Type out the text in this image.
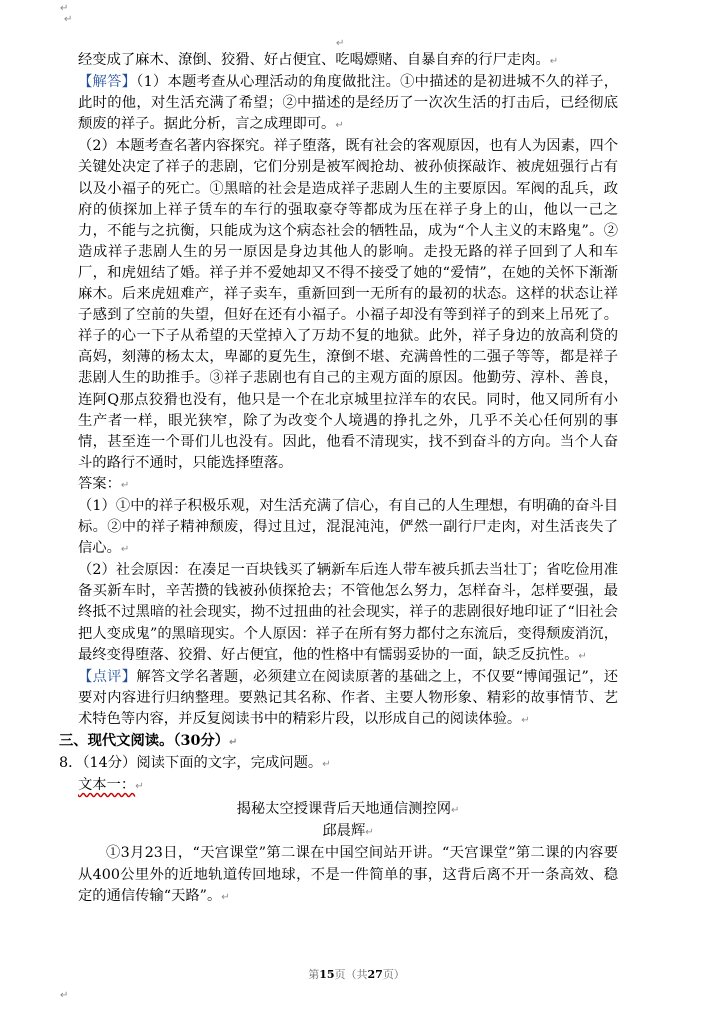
↵
↵
↵

经变成了麻木、潦倒、狡猾、好占便宜、吃喝嫖赌、自暴自弃的行尸走肉。↵

【解答】（1）本题考查从心理活动的角度做批注。①中描述的是初进城不久的祥子，此时的他，对生活充满了希望；②中描述的是经历了一次次生活的打击后，已经彻底颓废的祥子。据此分析，言之成理即可。↵

（2）本题考查名著内容探究。祥子堕落，既有社会的客观原因，也有人为因素，四个关键处决定了祥子的悲剧，它们分别是被军阀抢劫、被孙侦探敲诈、被虎妞强行占有以及小福子的死亡。①黑暗的社会是造成祥子悲剧人生的主要原因。军阀的乱兵，政府的侦探加上祥子赁车的车行的强取豪夺等都成为压在祥子身上的山，他以一己之力，不能与之抗衡，只能成为这个病态社会的牺牲品，成为“个人主义的末路鬼”。②造成祥子悲剧人生的另一原因是身边其他人的影响。走投无路的祥子回到了人和车厂，和虎妞结了婚。祥子并不爱她却又不得不接受了她的“爱情”，在她的关怀下渐渐麻木。后来虎妞难产，祥子卖车，重新回到一无所有的最初的状态。这样的状态让祥子感到了空前的失望，但好在还有小福子。小福子却没有等到祥子的到来上吊死了。祥子的心一下子从希望的天堂掉入了万劫不复的地狱。此外，祥子身边的放高利贷的高妈，刻薄的杨太太，卑鄙的夏先生，潦倒不堪、充满兽性的二强子等等，都是祥子悲剧人生的助推手。③祥子悲剧也有自己的主观方面的原因。他勤劳、淳朴、善良，连阿Q那点狡猾也没有，他只是一个在北京城里拉洋车的农民。同时，他又同所有小生产者一样，眼光狭窄，除了为改变个人境遇的挣扎之外，几乎不关心任何别的事情，甚至连一个哥们儿也没有。因此，他看不清现实，找不到奋斗的方向。当个人奋斗的路行不通时，只能选择堕落。

答案：↵

（1）①中的祥子积极乐观，对生活充满了信心，有自己的人生理想，有明确的奋斗目标。②中的祥子精神颓废，得过且过，混混沌沌，俨然一副行尸走肉，对生活丧失了信心。↵

（2）社会原因：在凑足一百块钱买了辆新车后连人带车被兵抓去当壮丁；省吃俭用准备买新车时，辛苦攒的钱被孙侦探抢去；不管他怎么努力，怎样奋斗，怎样要强，最终抵不过黑暗的社会现实，拗不过扭曲的社会现实，祥子的悲剧很好地印证了“旧社会把人变成鬼”的黑暗现实。个人原因：祥子在所有努力都付之东流后，变得颓废消沉，最终变得堕落、狡猾、好占便宜，他的性格中有懦弱妥协的一面，缺乏反抗性。↵

【点评】解答文学名著题，必须建立在阅读原著的基础之上，不仅要“博闻强记”，还要对内容进行归纳整理。要熟记其名称、作者、主要人物形象、精彩的故事情节、艺术特色等内容，并反复阅读书中的精彩片段，以形成自己的阅读体验。↵

三、现代文阅读。（30分）↵

8．（14分）阅读下面的文字，完成问题。↵

文本一：↵

揭秘太空授课背后天地通信测控网↵

邱晨辉↵

①3月23日，“天宫课堂”第二课在中国空间站开讲。“天宫课堂”第二课的内容要从400公里外的近地轨道传回地球，不是一件简单的事，这背后离不开一条高效、稳定的通信传输“天路”。↵

第15页（共27页）
↵
